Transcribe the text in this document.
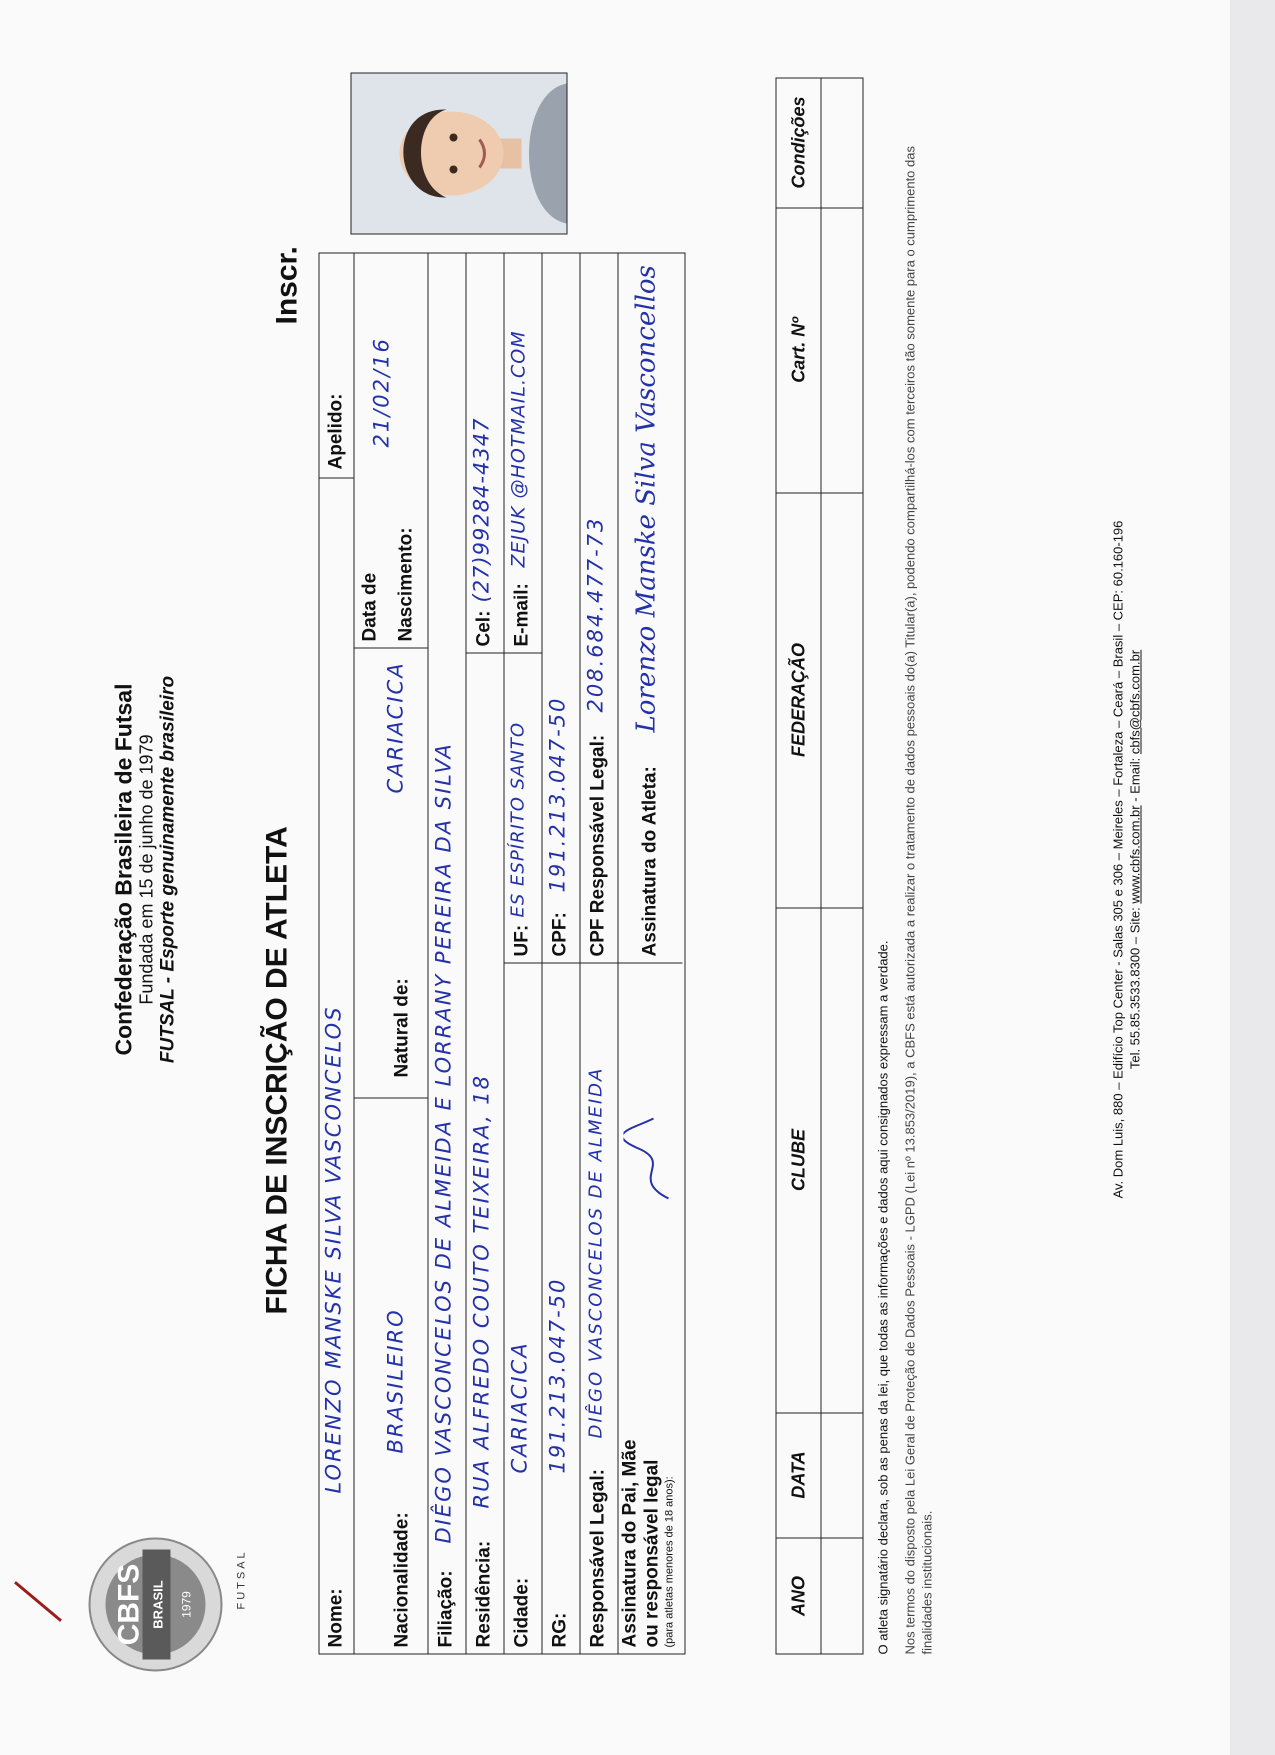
CBFS BRASIL 1979	FUTSAL
Confederação Brasileira de Futsal Fundada em 15 de junho de 1979 FUTSAL - Esporte genuinamente brasileiro	FICHA DE INSCRIÇÃO DE ATLETA
Inscr.
Nome:
LORENZO MANSKE SILVA VASCONCELOS
Apelido:
Nacionalidade:
BRASILEIRO
Natural de:
CARIACICA
Data de Nascimento:
21/02/16
Filiação:
DIÊGO VASCONCELOS DE ALMEIDA E LORRANY PEREIRA DA SILVA
Residência:
RUA ALFREDO COUTO TEIXEIRA, 18
Cel:
(27)99284-4347
Cidade:
CARIACICA
UF:
ES ESPÍRITO SANTO
E-mail:
ZEJUK @HOTMAIL.COM
RG:
191.213.047-50
CPF:
191.213.047-50
Responsável Legal:
DIÊGO VASCONCELOS DE ALMEIDA
CPF Responsável Legal:
208.684.477-73
Assinatura do Pai, Mãe ou responsável legal (para atletas menores de 18 anos):
Assinatura do Atleta:
Lorenzo Manske Silva Vasconcellos
ANO
DATA
CLUBE
FEDERAÇÃO
Cart. Nº
Condições
O atleta signatário declara, sob as penas da lei, que todas as informações e dados aqui consignados expressam a verdade. Nos termos do disposto pela Lei Geral de Proteção de Dados Pessoais - LGPD (Lei nº 13.853/2019), a CBFS está autorizada a realizar o tratamento de dados pessoais do(a) Titular(a), podendo compartilhá-los com terceiros tão somente para o cumprimento das finalidades institucionais.
Av. Dom Luis, 880 – Edifício Top Center - Salas 305 e 306 – Meireles – Fortaleza – Ceará – Brasil – CEP: 60.160-196 Tel. 55.85.3533.8300 – Site: www.cbfs.com.br - Email: cbfs@cbfs.com.br
